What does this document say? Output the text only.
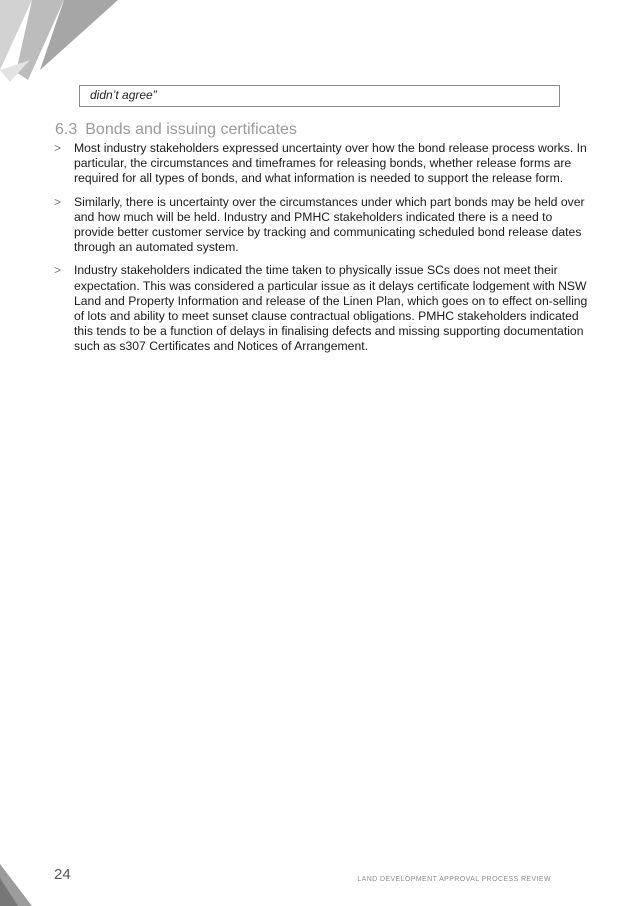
didn’t agree”
6.3 Bonds and issuing certificates
> Most industry stakeholders expressed uncertainty over how the bond release process works. In particular, the circumstances and timeframes for releasing bonds, whether release forms are required for all types of bonds, and what information is needed to support the release form.
> Similarly, there is uncertainty over the circumstances under which part bonds may be held over and how much will be held. Industry and PMHC stakeholders indicated there is a need to provide better customer service by tracking and communicating scheduled bond release dates through an automated system.
> Industry stakeholders indicated the time taken to physically issue SCs does not meet their expectation. This was considered a particular issue as it delays certificate lodgement with NSW Land and Property Information and release of the Linen Plan, which goes on to effect on-selling of lots and ability to meet sunset clause contractual obligations. PMHC stakeholders indicated this tends to be a function of delays in finalising defects and missing supporting documentation such as s307 Certificates and Notices of Arrangement.
24	LAND DEVELOPMENT APPROVAL PROCESS REVIEW
